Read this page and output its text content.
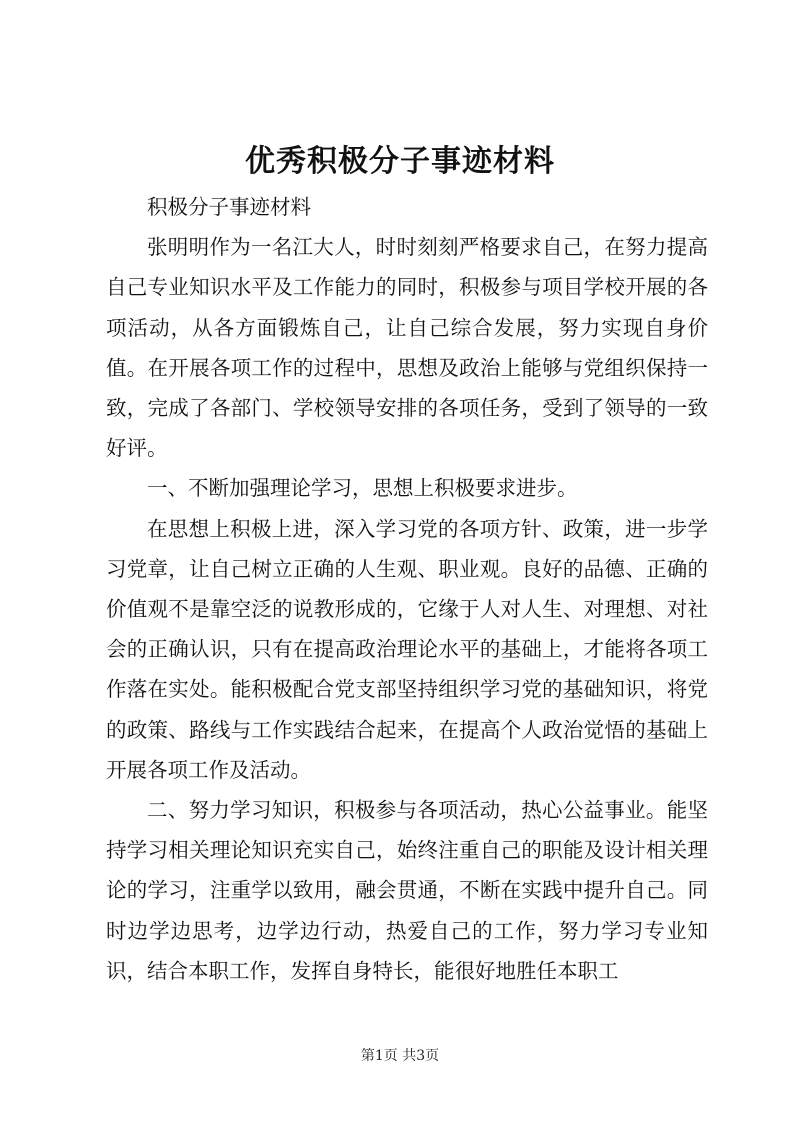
优秀积极分子事迹材料

积极分子事迹材料

张明明作为一名江大人，时时刻刻严格要求自己，在努力提高自己专业知识水平及工作能力的同时，积极参与项目学校开展的各项活动，从各方面锻炼自己，让自己综合发展，努力实现自身价值。在开展各项工作的过程中，思想及政治上能够与党组织保持一致，完成了各部门、学校领导安排的各项任务，受到了领导的一致好评。

一、不断加强理论学习，思想上积极要求进步。

在思想上积极上进，深入学习党的各项方针、政策，进一步学习党章，让自己树立正确的人生观、职业观。良好的品德、正确的价值观不是靠空泛的说教形成的，它缘于人对人生、对理想、对社会的正确认识，只有在提高政治理论水平的基础上，才能将各项工作落在实处。能积极配合党支部坚持组织学习党的基础知识，将党的政策、路线与工作实践结合起来，在提高个人政治觉悟的基础上开展各项工作及活动。

二、努力学习知识，积极参与各项活动，热心公益事业。能坚持学习相关理论知识充实自己，始终注重自己的职能及设计相关理论的学习，注重学以致用，融会贯通，不断在实践中提升自己。同时边学边思考，边学边行动，热爱自己的工作，努力学习专业知识，结合本职工作，发挥自身特长，能很好地胜任本职工

第1页 共3页
